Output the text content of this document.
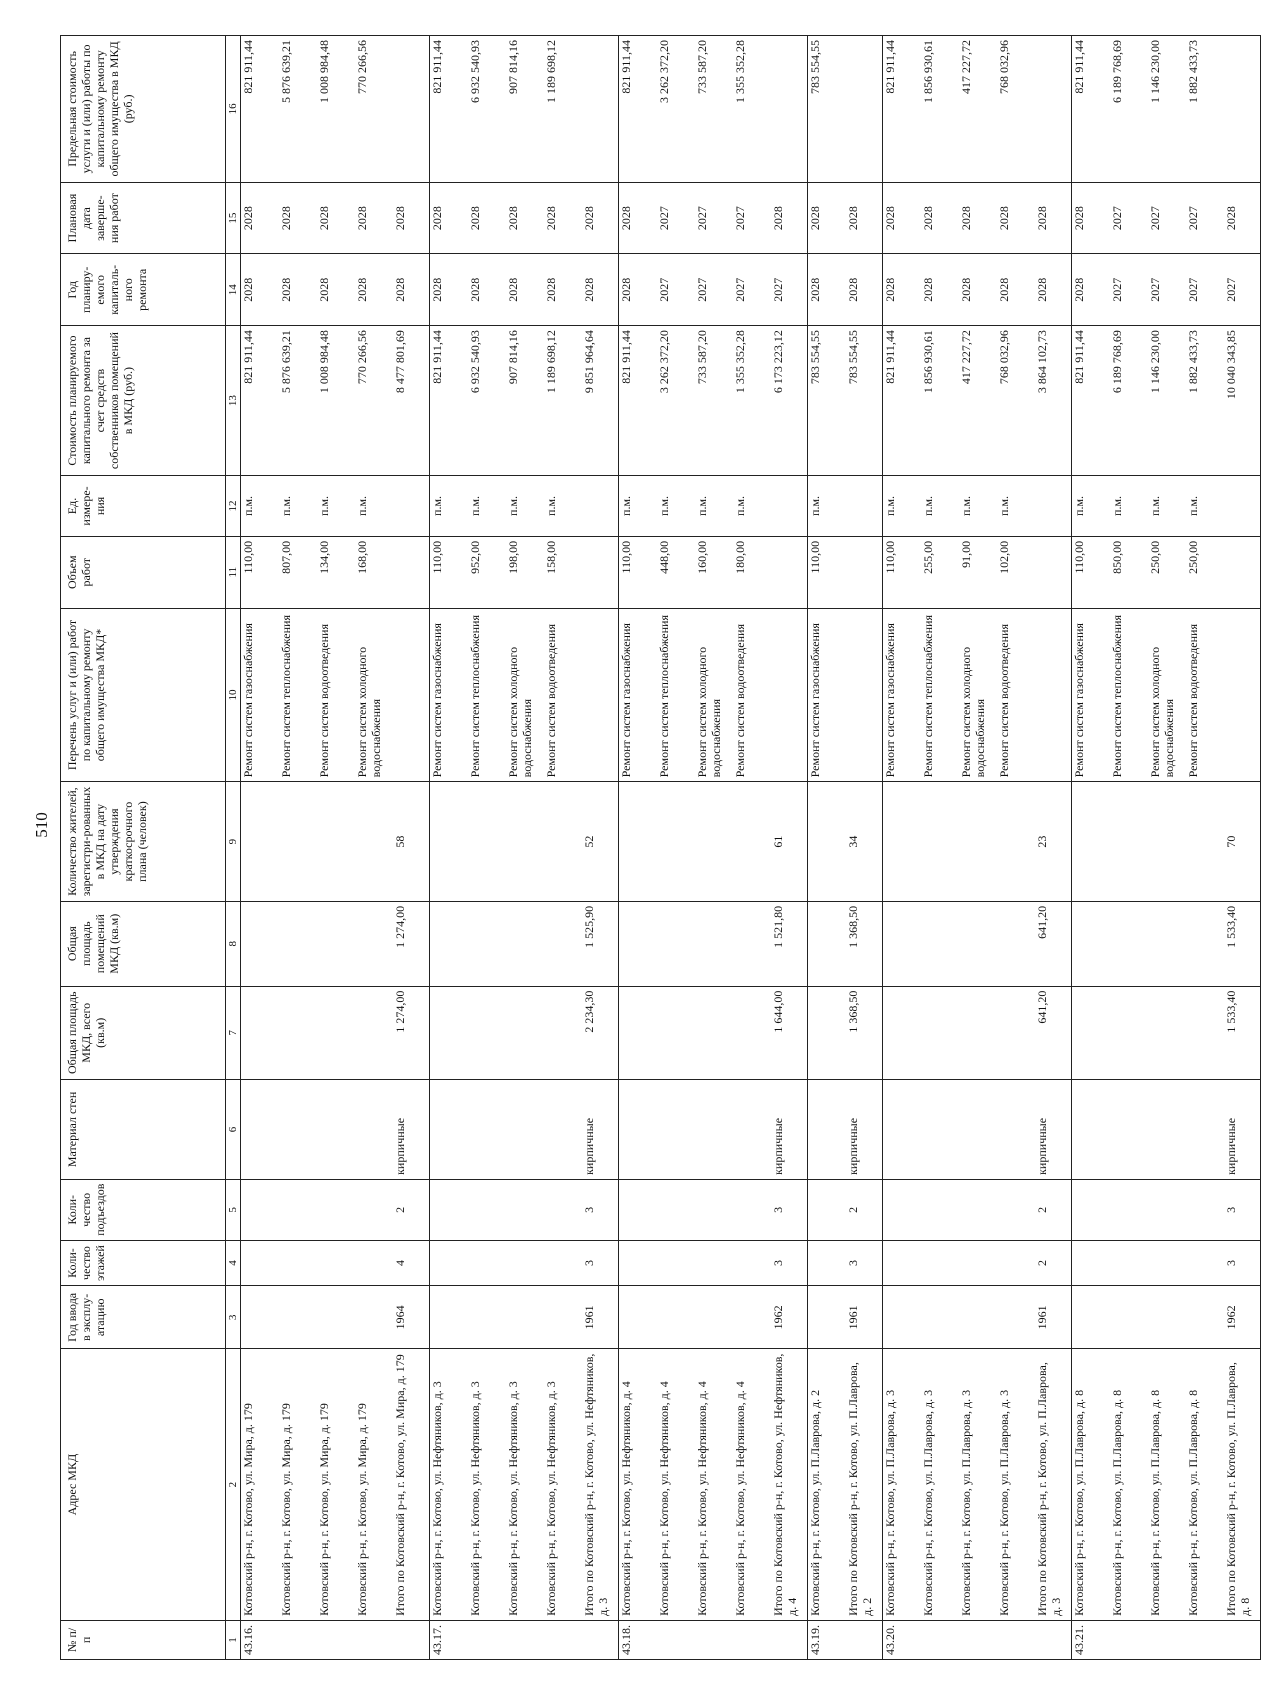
510
№ п/п	Адрес МКД	Год ввода в эксплу-атацию	Коли-чество этажей	Коли-чество подъездов	Материал стен	Общая площадь МКД, всего (кв.м)	Общая площадь помещений МКД (кв.м)	Количество жителей, зарегистри-рованных в МКД на дату утверждения краткосрочного плана (человек)	Перечень услуг и (или) работ по капитальному ремонту общего имущества МКД*	Объем работ	Ед. измере-ния	Стоимость планируемого капитального ремонта за счет средств собственников помещений в МКД (руб.)	Год планиру-емого капиталь-ного ремонта	Плановая дата заверше-ния работ	Предельная стоимость услуги и (или) работы по капитальному ремонту общего имущества в МКД (руб.)
1	2	3	4	5	6	7	8	9	10	11	12	13	14	15	16
43.16.	Котовский р-н, г. Котово, ул. Мира, д. 179								Ремонт систем газоснабжения	110,00	п.м.	821 911,44	2028	2028	821 911,44
	Котовский р-н, г. Котово, ул. Мира, д. 179								Ремонт систем теплоснабжения	807,00	п.м.	5 876 639,21	2028	2028	5 876 639,21
	Котовский р-н, г. Котово, ул. Мира, д. 179								Ремонт систем водоотведения	134,00	п.м.	1 008 984,48	2028	2028	1 008 984,48
	Котовский р-н, г. Котово, ул. Мира, д. 179								Ремонт систем холодного водоснабжения	168,00	п.м.	770 266,56	2028	2028	770 266,56
	Итого по Котовский р-н, г. Котово, ул. Мира, д. 179	1964	4	2	кирпичные	1 274,00	1 274,00	58				8 477 801,69	2028	2028	
43.17.	Котовский р-н, г. Котово, ул. Нефтяников, д. 3								Ремонт систем газоснабжения	110,00	п.м.	821 911,44	2028	2028	821 911,44
	Котовский р-н, г. Котово, ул. Нефтяников, д. 3								Ремонт систем теплоснабжения	952,00	п.м.	6 932 540,93	2028	2028	6 932 540,93
	Котовский р-н, г. Котово, ул. Нефтяников, д. 3								Ремонт систем холодного водоснабжения	198,00	п.м.	907 814,16	2028	2028	907 814,16
	Котовский р-н, г. Котово, ул. Нефтяников, д. 3								Ремонт систем водоотведения	158,00	п.м.	1 189 698,12	2028	2028	1 189 698,12
	Итого по Котовский р-н, г. Котово, ул. Нефтяников, д. 3	1961	3	3	кирпичные	2 234,30	1 525,90	52				9 851 964,64	2028	2028	
43.18.	Котовский р-н, г. Котово, ул. Нефтяников, д. 4								Ремонт систем газоснабжения	110,00	п.м.	821 911,44	2028	2028	821 911,44
	Котовский р-н, г. Котово, ул. Нефтяников, д. 4								Ремонт систем теплоснабжения	448,00	п.м.	3 262 372,20	2027	2027	3 262 372,20
	Котовский р-н, г. Котово, ул. Нефтяников, д. 4								Ремонт систем холодного водоснабжения	160,00	п.м.	733 587,20	2027	2027	733 587,20
	Котовский р-н, г. Котово, ул. Нефтяников, д. 4								Ремонт систем водоотведения	180,00	п.м.	1 355 352,28	2027	2027	1 355 352,28
	Итого по Котовский р-н, г. Котово, ул. Нефтяников, д. 4	1962	3	3	кирпичные	1 644,00	1 521,80	61				6 173 223,12	2027	2028	
43.19.	Котовский р-н, г. Котово, ул. П.Лаврова, д. 2								Ремонт систем газоснабжения	110,00	п.м.	783 554,55	2028	2028	783 554,55
	Итого по Котовский р-н, г. Котово, ул. П.Лаврова, д. 2	1961	3	2	кирпичные	1 368,50	1 368,50	34				783 554,55	2028	2028	
43.20.	Котовский р-н, г. Котово, ул. П.Лаврова, д. 3								Ремонт систем газоснабжения	110,00	п.м.	821 911,44	2028	2028	821 911,44
	Котовский р-н, г. Котово, ул. П.Лаврова, д. 3								Ремонт систем теплоснабжения	255,00	п.м.	1 856 930,61	2028	2028	1 856 930,61
	Котовский р-н, г. Котово, ул. П.Лаврова, д. 3								Ремонт систем холодного водоснабжения	91,00	п.м.	417 227,72	2028	2028	417 227,72
	Котовский р-н, г. Котово, ул. П.Лаврова, д. 3								Ремонт систем водоотведения	102,00	п.м.	768 032,96	2028	2028	768 032,96
	Итого по Котовский р-н, г. Котово, ул. П.Лаврова, д. 3	1961	2	2	кирпичные	641,20	641,20	23				3 864 102,73	2028	2028	
43.21.	Котовский р-н, г. Котово, ул. П.Лаврова, д. 8								Ремонт систем газоснабжения	110,00	п.м.	821 911,44	2028	2028	821 911,44
	Котовский р-н, г. Котово, ул. П.Лаврова, д. 8								Ремонт систем теплоснабжения	850,00	п.м.	6 189 768,69	2027	2027	6 189 768,69
	Котовский р-н, г. Котово, ул. П.Лаврова, д. 8								Ремонт систем холодного водоснабжения	250,00	п.м.	1 146 230,00	2027	2027	1 146 230,00
	Котовский р-н, г. Котово, ул. П.Лаврова, д. 8								Ремонт систем водоотведения	250,00	п.м.	1 882 433,73	2027	2027	1 882 433,73
	Итого по Котовский р-н, г. Котово, ул. П.Лаврова, д. 8	1962	3	3	кирпичные	1 533,40	1 533,40	70				10 040 343,85	2027	2028	
